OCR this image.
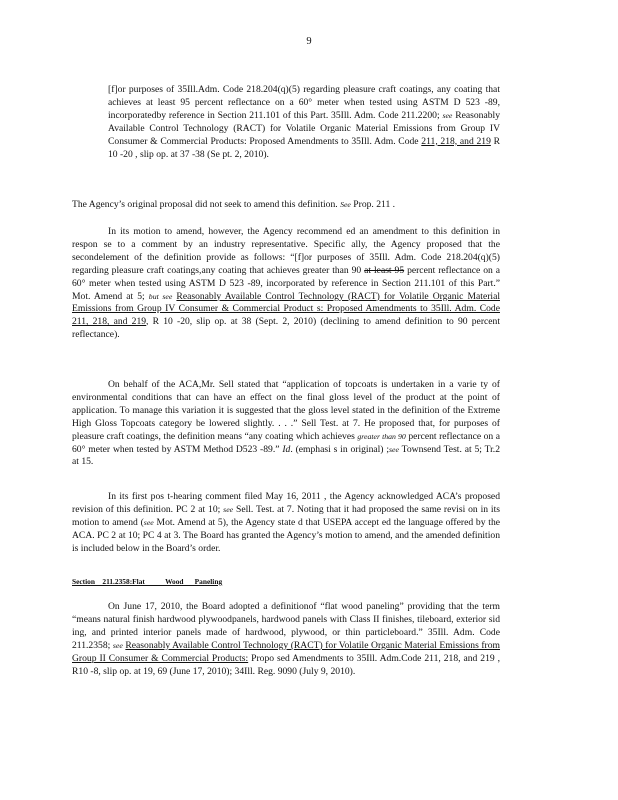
9

[f]or purposes of 35Ill.Adm. Code 218.204(q)(5) regarding pleasure craft coatings, any coating that achieves at least 95 percent reflectance on a 60° meter when tested using ASTM D 523 -89, incorporatedby reference in Section 211.101 of this Part. 35Ill. Adm. Code 211.2200; see Reasonably Available Control Technology (RACT) for Volatile Organic Material Emissions from Group IV Consumer & Commercial Products: Proposed Amendments to 35Ill. Adm. Code 211, 218, and 219 R 10 -20 , slip op. at 37 -38 (Se pt. 2, 2010).

The Agency’s original proposal did not seek to amend this definition. See Prop. 211 .

In its motion to amend, however, the Agency recommend ed an amendment to this definition in respon se to a comment by an industry representative. Specific ally, the Agency proposed that the secondelement of the definition provide as follows: “[f]or purposes of 35Ill. Adm. Code 218.204(q)(5) regarding pleasure craft coatings,any coating that achieves greater than 90 at least 95 percent reflectance on a 60° meter when tested using ASTM D 523 -89, incorporated by reference in Section 211.101 of this Part.” Mot. Amend at 5; but see Reasonably Available Control Technology (RACT) for Volatile Organic Material Emissions from Group IV Consumer & Commercial Product s: Proposed Amendments to 35Ill. Adm. Code 211, 218, and 219, R 10 -20, slip op. at 38 (Sept. 2, 2010) (declining to amend definition to 90 percent reflectance).

On behalf of the ACA,Mr. Sell stated that “application of topcoats is undertaken in a varie ty of environmental conditions that can have an effect on the final gloss level of the product at the point of application. To manage this variation it is suggested that the gloss level stated in the definition of the Extreme High Gloss Topcoats category be lowered slightly. . . .” Sell Test. at 7. He proposed that, for purposes of pleasure craft coatings, the definition means “any coating which achieves greater than 90 percent reflectance on a 60° meter when tested by ASTM Method D523 -89.” Id. (emphasi s in original) ;see Townsend Test. at 5; Tr.2 at 15.

In its first pos t-hearing comment filed May 16, 2011 , the Agency acknowledged ACA’s proposed revision of this definition. PC 2 at 10; see Sell. Test. at 7. Noting that it had proposed the same revisi on in its motion to amend (see Mot. Amend at 5), the Agency state d that USEPA accept ed the language offered by the ACA. PC 2 at 10; PC 4 at 3. The Board has granted the Agency’s motion to amend, and the amended definition is included below in the Board’s order.

Section    211.2358:Flat           Wood      Paneling

On June 17, 2010, the Board adopted a definitionof “flat wood paneling” providing that the term “means natural finish hardwood plywoodpanels, hardwood panels with Class II finishes, tileboard, exterior sid ing, and printed interior panels made of hardwood, plywood, or thin particleboard.” 35Ill. Adm. Code 211.2358; see Reasonably Available Control Technology (RACT) for Volatile Organic Material Emissions from Group II Consumer & Commercial Products: Propo sed Amendments to 35Ill. Adm.Code 211, 218, and 219 , R10 -8, slip op. at 19, 69 (June 17, 2010); 34Ill. Reg. 9090 (July 9, 2010).
